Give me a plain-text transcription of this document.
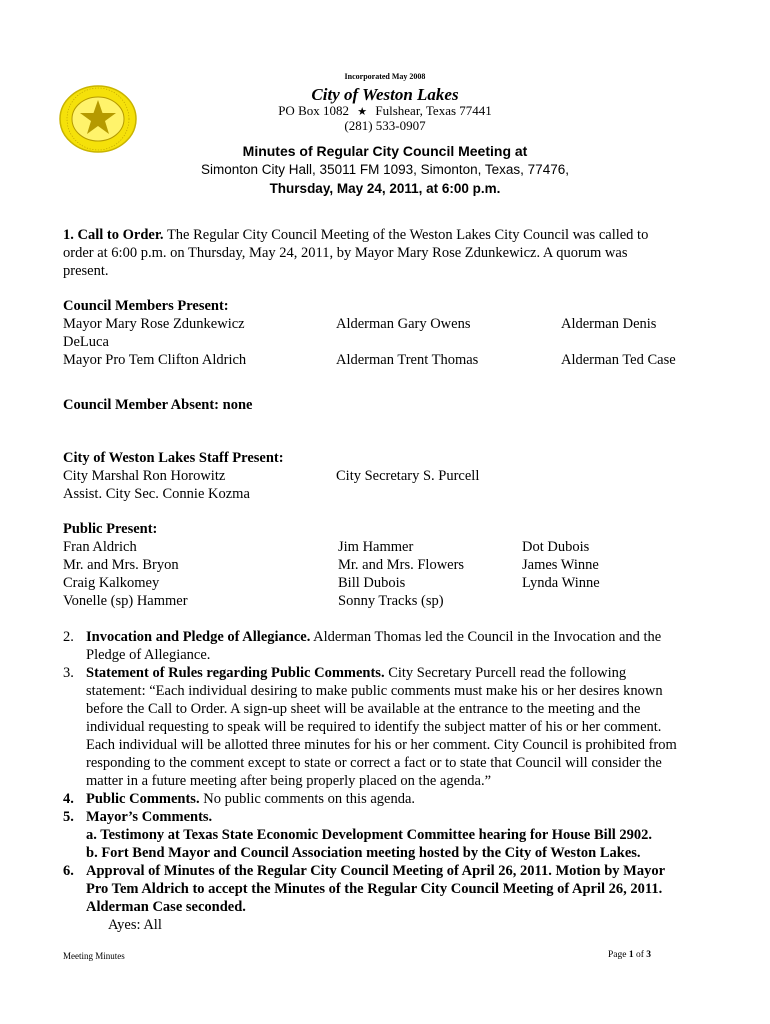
Incorporated May 2008
City of Weston Lakes
PO Box 1082 ★ Fulshear, Texas 77441
(281) 533-0907
Minutes of Regular City Council Meeting at
Simonton City Hall, 35011 FM 1093, Simonton, Texas, 77476,
Thursday, May 24, 2011, at 6:00 p.m.
1. Call to Order. The Regular City Council Meeting of the Weston Lakes City Council was called to
order at 6:00 p.m. on Thursday, May 24, 2011, by Mayor Mary Rose Zdunkewicz. A quorum was
present.
Council Members Present:
Mayor Mary Rose Zdunkewicz
DeLuca
Mayor Pro Tem Clifton Aldrich
Alderman Gary Owens
Alderman Trent Thomas
Alderman Denis
Alderman Ted Case
Council Member Absent: none
City of Weston Lakes Staff Present:
City Marshal Ron Horowitz
Assist. City Sec. Connie Kozma
City Secretary S. Purcell
Public Present:
Fran Aldrich
Mr. and Mrs. Bryon
Craig Kalkomey
Vonelle (sp) Hammer
Jim Hammer
Mr. and Mrs. Flowers
Bill Dubois
Sonny Tracks (sp)
Dot Dubois
James Winne
Lynda Winne
2. Invocation and Pledge of Allegiance. Alderman Thomas led the Council in the Invocation and the
Pledge of Allegiance.
3. Statement of Rules regarding Public Comments. City Secretary Purcell read the following
statement: “Each individual desiring to make public comments must make his or her desires known
before the Call to Order. A sign-up sheet will be available at the entrance to the meeting and the
individual requesting to speak will be required to identify the subject matter of his or her comment.
Each individual will be allotted three minutes for his or her comment. City Council is prohibited from
responding to the comment except to state or correct a fact or to state that Council will consider the
matter in a future meeting after being properly placed on the agenda.”
4. Public Comments. No public comments on this agenda.
5. Mayor’s Comments.
a. Testimony at Texas State Economic Development Committee hearing for House Bill 2902.
b. Fort Bend Mayor and Council Association meeting hosted by the City of Weston Lakes.
6. Approval of Minutes of the Regular City Council Meeting of April 26, 2011. Motion by Mayor
Pro Tem Aldrich to accept the Minutes of the Regular City Council Meeting of April 26, 2011.
Alderman Case seconded.
Ayes: All
Meeting Minutes	Page 1 of 3
